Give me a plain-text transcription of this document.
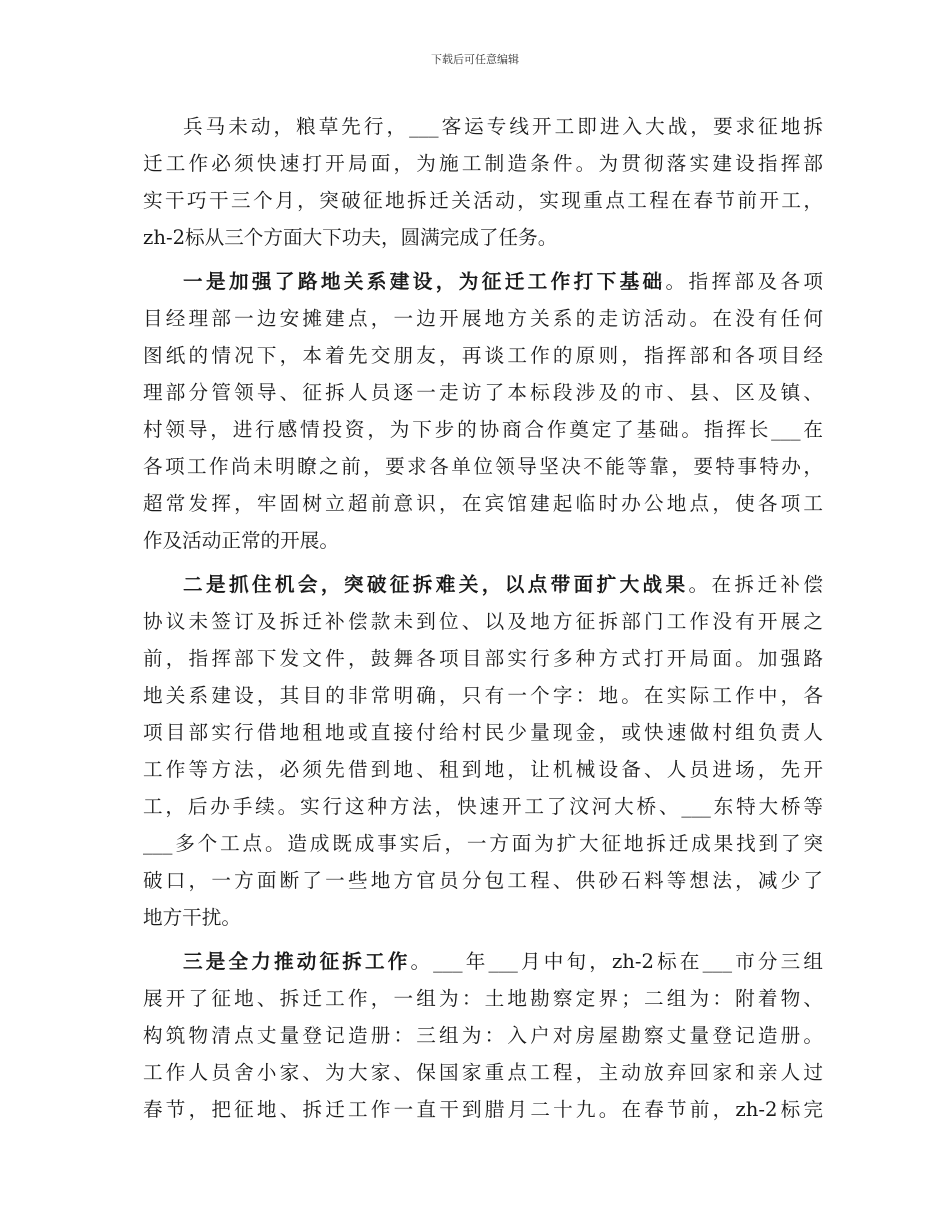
下载后可任意编辑
兵马未动，粮草先行，___客运专线开工即进入大战，要求征地拆
迁工作必须快速打开局面，为施工制造条件。为贯彻落实建设指挥部
实干巧干三个月，突破征地拆迁关活动，实现重点工程在春节前开工，
zh-2标从三个方面大下功夫，圆满完成了任务。
一是加强了路地关系建设，为征迁工作打下基础。指挥部及各项
目经理部一边安摊建点，一边开展地方关系的走访活动。在没有任何
图纸的情况下，本着先交朋友，再谈工作的原则，指挥部和各项目经
理部分管领导、征拆人员逐一走访了本标段涉及的市、县、区及镇、
村领导，进行感情投资，为下步的协商合作奠定了基础。指挥长___在
各项工作尚未明瞭之前，要求各单位领导坚决不能等靠，要特事特办，
超常发挥，牢固树立超前意识，在宾馆建起临时办公地点，使各项工
作及活动正常的开展。
二是抓住机会，突破征拆难关，以点带面扩大战果。在拆迁补偿
协议未签订及拆迁补偿款未到位、以及地方征拆部门工作没有开展之
前，指挥部下发文件，鼓舞各项目部实行多种方式打开局面。加强路
地关系建设，其目的非常明确，只有一个字：地。在实际工作中，各
项目部实行借地租地或直接付给村民少量现金，或快速做村组负责人
工作等方法，必须先借到地、租到地，让机械设备、人员进场，先开
工，后办手续。实行这种方法，快速开工了汶河大桥、___东特大桥等
___多个工点。造成既成事实后，一方面为扩大征地拆迁成果找到了突
破口，一方面断了一些地方官员分包工程、供砂石料等想法，减少了
地方干扰。
三是全力推动征拆工作。___年___月中旬，zh-2标在___市分三组
展开了征地、拆迁工作，一组为：土地勘察定界；二组为：附着物、
构筑物清点丈量登记造册：三组为：入户对房屋勘察丈量登记造册。
工作人员舍小家、为大家、保国家重点工程，主动放弃回家和亲人过
春节，把征地、拆迁工作一直干到腊月二十九。在春节前，zh-2标完
